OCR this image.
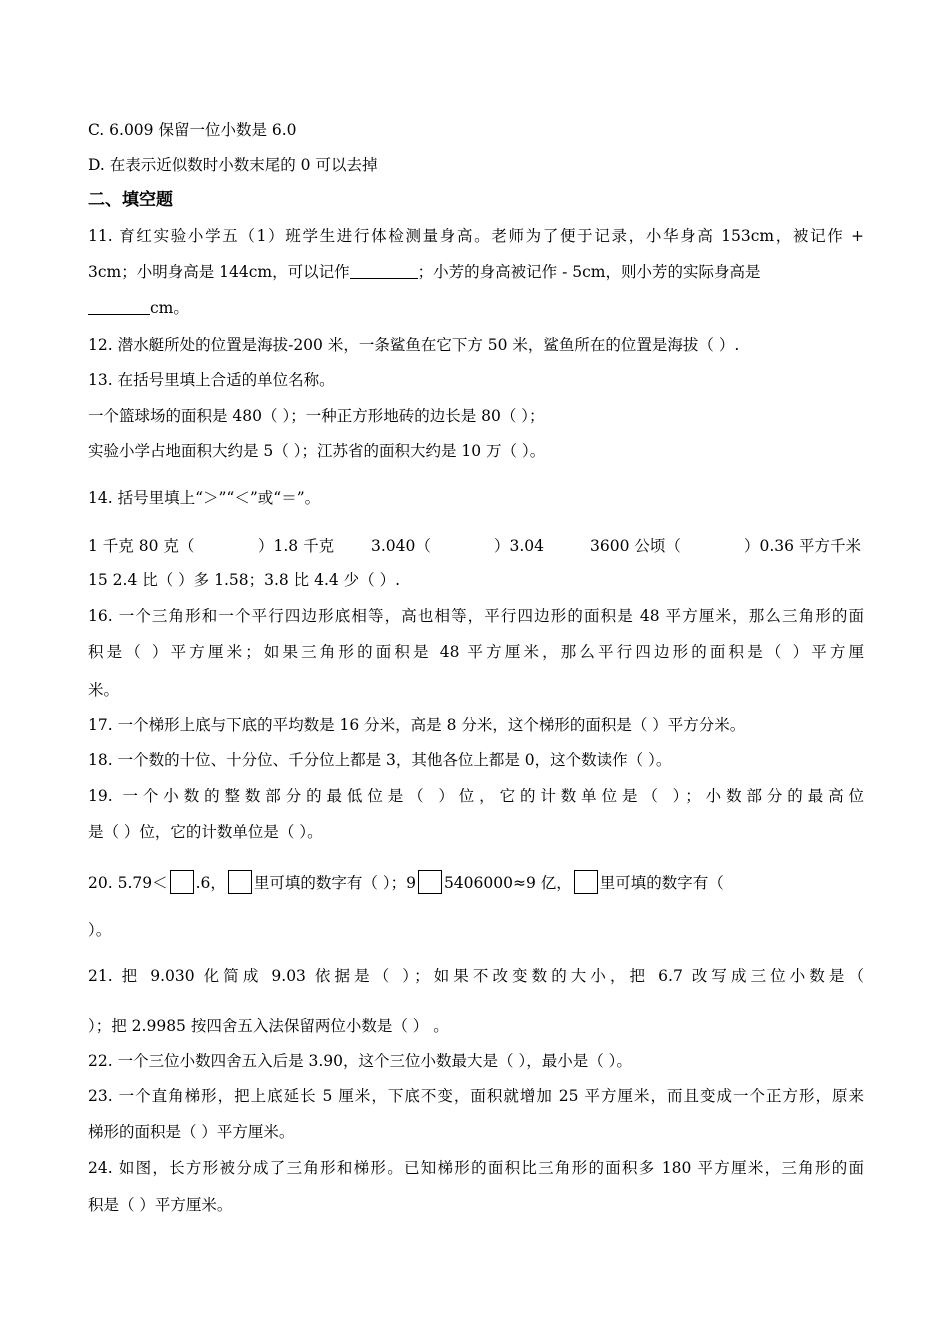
C. 6.009 保留一位小数是 6.0
D. 在表示近似数时小数末尾的 0 可以去掉
二、填空题
11. 育红实验小学五（1）班学生进行体检测量身高。老师为了便于记录，小华身高 153cm，被记作 +
3cm；小明身高是 144cm，可以记作	；小芳的身高被记作 - 5cm，则小芳的实际身高是
cm。
12. 潜水艇所处的位置是海拔-200 米，一条鲨鱼在它下方 50 米，鲨鱼所在的位置是海拔（ ）.
13. 在括号里填上合适的单位名称。
一个篮球场的面积是 480（ ）；一种正方形地砖的边长是 80（ ）；
实验小学占地面积大约是 5（ ）；江苏省的面积大约是 10 万（ ）。
14. 括号里填上“＞”“＜”或“＝”。
1 千克 80 克（	）1.8 千克 3.040（	）3.04	3600 公顷（	）0.36 平方千米
15 2.4 比（ ）多 1.58；3.8 比 4.4 少（ ）.
16. 一个三角形和一个平行四边形底相等，高也相等，平行四边形的面积是 48 平方厘米，那么三角形的面
积是（ ）平方厘米；如果三角形的面积是 48 平方厘米，那么平行四边形的面积是（ ）平方厘
米。
17. 一个梯形上底与下底的平均数是 16 分米，高是 8 分米，这个梯形的面积是（ ）平方分米。
18. 一个数的十位、十分位、千分位上都是 3，其他各位上都是 0，这个数读作（ ）。
19. 一个小数的整数部分的最低位是（ ）位，它的计数单位是（ ）；小数部分的最高位
是（ ）位，它的计数单位是（ ）。
20. 5.79＜ .6， 里可填的数字有（ ）；9 5406000≈9 亿， 里可填的数字有（
）。
21. 把 9.030 化简成 9.03 依据是（ ）；如果不改变数的大小，把 6.7 改写成三位小数是（
）；把 2.9985 按四舍五入法保留两位小数是（ ） 。
22. 一个三位小数四舍五入后是 3.90，这个三位小数最大是（ ），最小是（ ）。
23. 一个直角梯形，把上底延长 5 厘米，下底不变，面积就增加 25 平方厘米，而且变成一个正方形，原来
梯形的面积是（ ）平方厘米。
24. 如图，长方形被分成了三角形和梯形。已知梯形的面积比三角形的面积多 180 平方厘米，三角形的面
积是（ ）平方厘米。
